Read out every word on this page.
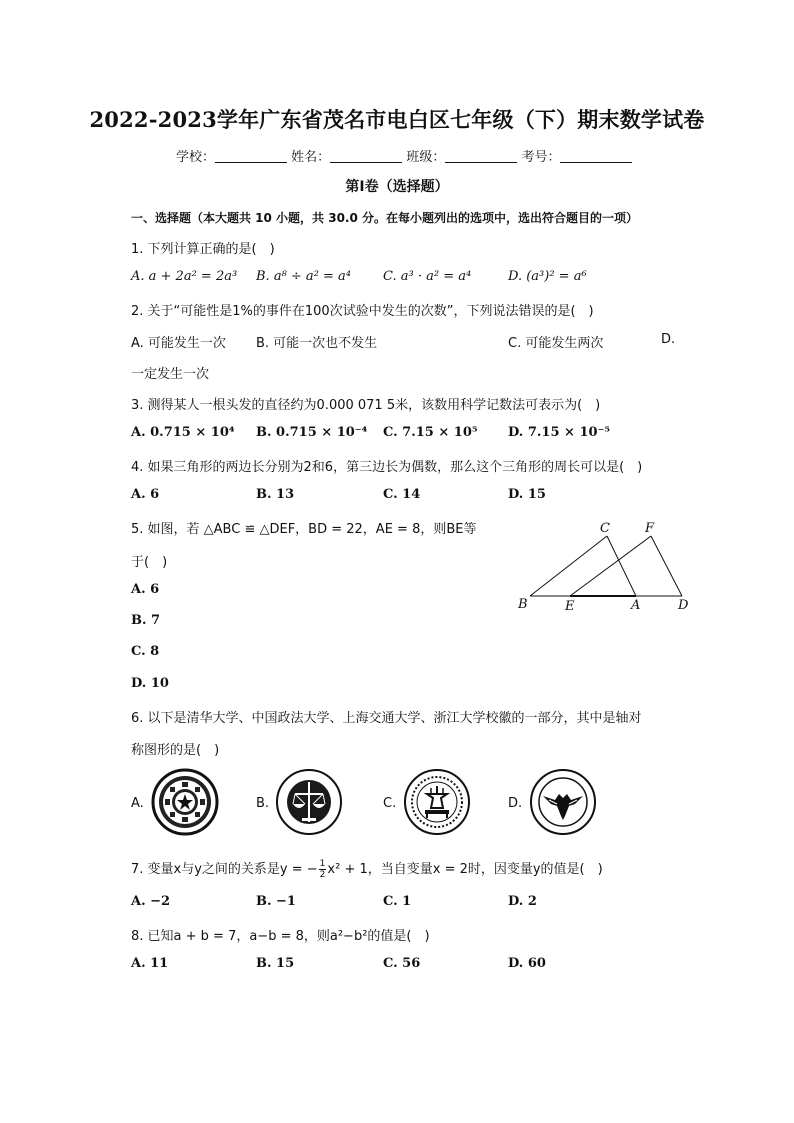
2022-2023学年广东省茂名市电白区七年级（下）期末数学试卷
学校：	姓名：	班级：	考号：
第Ⅰ卷（选择题）
一、选择题（本大题共 10 小题，共 30.0 分。在每小题列出的选项中，选出符合题目的一项）
1. 下列计算正确的是(　)
A. a + 2a² = 2a³ B. a⁸ ÷ a² = a⁴ C. a³ · a² = a⁴	D. (a³)² = a⁶
2. 关于“可能性是1%的事件在100次试验中发生的次数”，下列说法错误的是(　)
A. 可能发生一次 B. 可能一次也不发生	C. 可能发生两次	D.
一定发生一次
3. 测得某人一根头发的直径约为0.000 071 5米，该数用科学记数法可表示为(　)
A. 0.715 × 10⁴ B. 0.715 × 10⁻⁴ C. 7.15 × 10⁵ D. 7.15 × 10⁻⁵
4. 如果三角形的两边长分别为2和6，第三边长为偶数，那么这个三角形的周长可以是(　)
A. 6	B. 13	C. 14	D. 15
5. 如图，若 △ABC ≌ △DEF，BD = 22，AE = 8，则BE等
于(　)
A. 6
B. 7
C. 8
D. 10
B	E	A	D
C	F
6. 以下是清华大学、中国政法大学、上海交通大学、浙江大学校徽的一部分，其中是轴对
称图形的是(　)
A.	B.	C.	D.
7. 变量x与y之间的关系是y = − $\frac{1}{2} x^2 + 1$，当自变量x = 2时，因变量y的值是(　)
A. −2	B. −1	C. 1	D. 2
8. 已知a + b = 7，a−b = 8，则a²−b²的值是(　)
A. 11	B. 15	C. 56	D. 60
